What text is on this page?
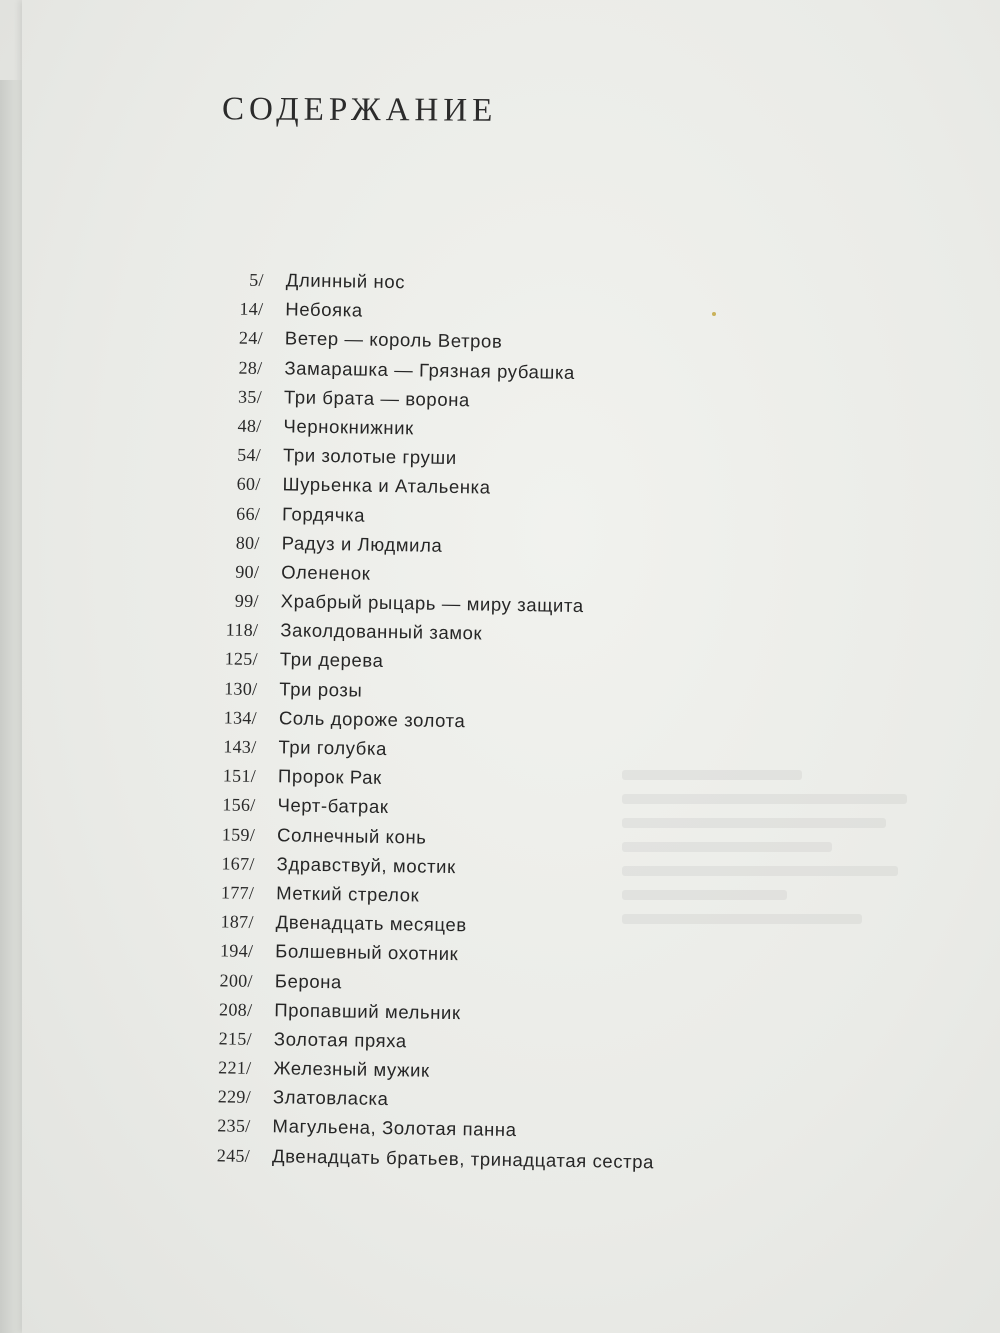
СОДЕРЖАНИЕ
5/	Длинный нос
14/	Небояка
24/	Ветер — король Ветров
28/	Замарашка — Грязная рубашка
35/	Три брата — ворона
48/	Чернокнижник
54/	Три золотые груши
60/	Шурьенка и Атальенка
66/	Гордячка
80/	Радуз и Людмила
90/	Олененок
99/	Храбрый рыцарь — миру защита
118/	Заколдованный замок
125/	Три дерева
130/	Три розы
134/	Соль дороже золота
143/	Три голубка
151/	Пророк Рак
156/	Черт-батрак
159/	Солнечный конь
167/	Здравствуй, мостик
177/	Меткий стрелок
187/	Двенадцать месяцев
194/	Болшевный охотник
200/	Берона
208/	Пропавший мельник
215/	Золотая пряха
221/	Железный мужик
229/	Златовласка
235/	Магульена, Золотая панна
245/	Двенадцать братьев, тринадцатая сестра
